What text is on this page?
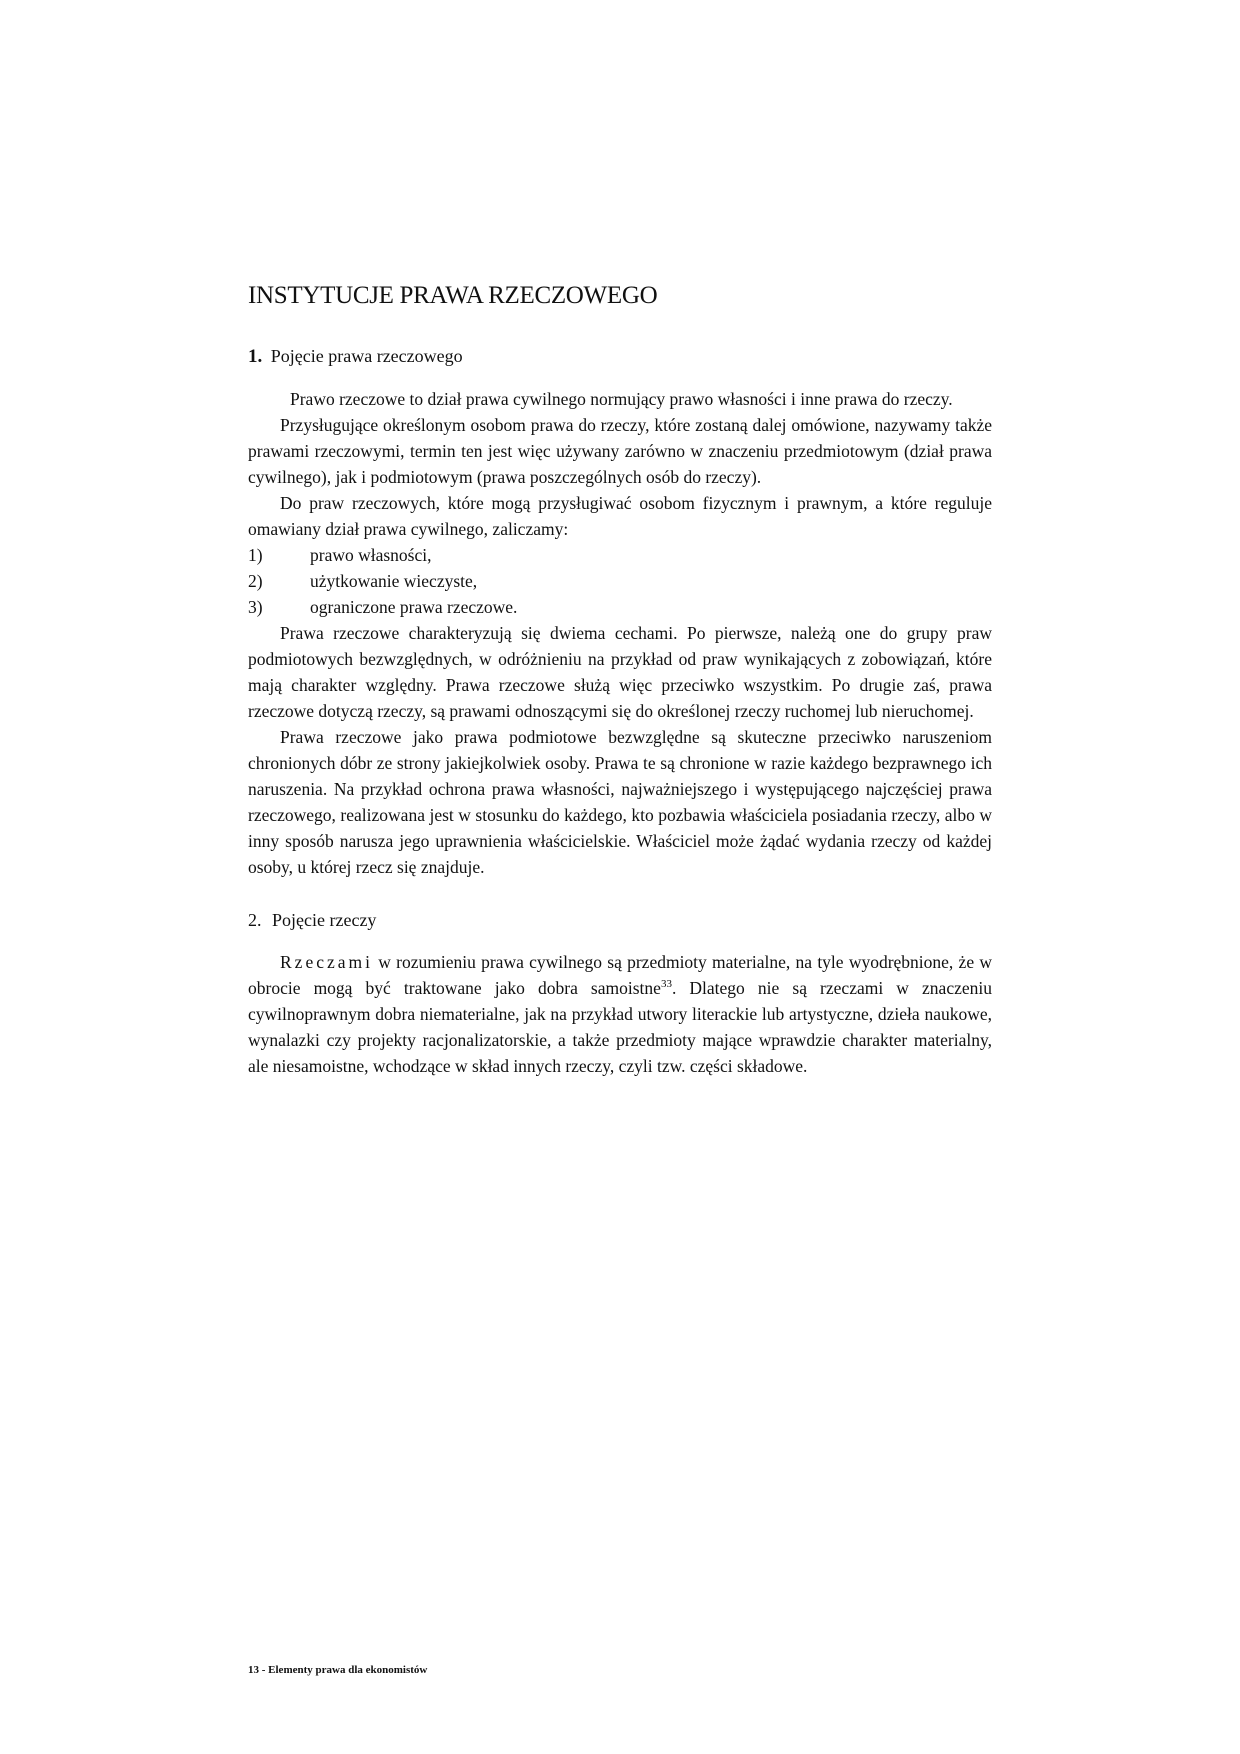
INSTYTUCJE PRAWA RZECZOWEGO
1. Pojęcie prawa rzeczowego

Prawo rzeczowe to dział prawa cywilnego normujący prawo własności i inne prawa do rzeczy.

Przysługujące określonym osobom prawa do rzeczy, które zostaną dalej omówione, nazywamy także prawami rzeczowymi, termin ten jest więc używany zarówno w znaczeniu przedmiotowym (dział prawa cywilnego), jak i podmiotowym (prawa poszczególnych osób do rzeczy).

Do praw rzeczowych, które mogą przysługiwać osobom fizycznym i prawnym, a które reguluje omawiany dział prawa cywilnego, zaliczamy:

1)	prawo własności,
2)	użytkowanie wieczyste,
3)	ograniczone prawa rzeczowe.

Prawa rzeczowe charakteryzują się dwiema cechami. Po pierwsze, należą one do grupy praw podmiotowych bezwzględnych, w odróżnieniu na przykład od praw wynikających z zobowiązań, które mają charakter względny. Prawa rzeczowe służą więc przeciwko wszystkim. Po drugie zaś, prawa rzeczowe dotyczą rzeczy, są prawami odnoszącymi się do określonej rzeczy ruchomej lub nieruchomej.

Prawa rzeczowe jako prawa podmiotowe bezwzględne są skuteczne przeciwko naruszeniom chronionych dóbr ze strony jakiejkolwiek osoby. Prawa te są chronione w razie każdego bezprawnego ich naruszenia. Na przykład ochrona prawa własności, najważniejszego i występującego najczęściej prawa rzeczowego, realizowana jest w stosunku do każdego, kto pozbawia właściciela posiadania rzeczy, albo w inny sposób narusza jego uprawnienia właścicielskie. Właściciel może żądać wydania rzeczy od każdej osoby, u której rzecz się znajduje.

2. Pojęcie rzeczy

Rzeczami w rozumieniu prawa cywilnego są przedmioty materialne, na tyle wyodrębnione, że w obrocie mogą być traktowane jako dobra samoistne$^{33}$. Dlatego nie są rzeczami w znaczeniu cywilnoprawnym dobra niematerialne, jak na przykład utwory literackie lub artystyczne, dzieła naukowe, wynalazki czy projekty racjonalizatorskie, a także przedmioty mające wprawdzie charakter materialny, ale niesamoistne, wchodzące w skład innych rzeczy, czyli tzw. części składowe.

13 - Elementy prawa dla ekonomistów
